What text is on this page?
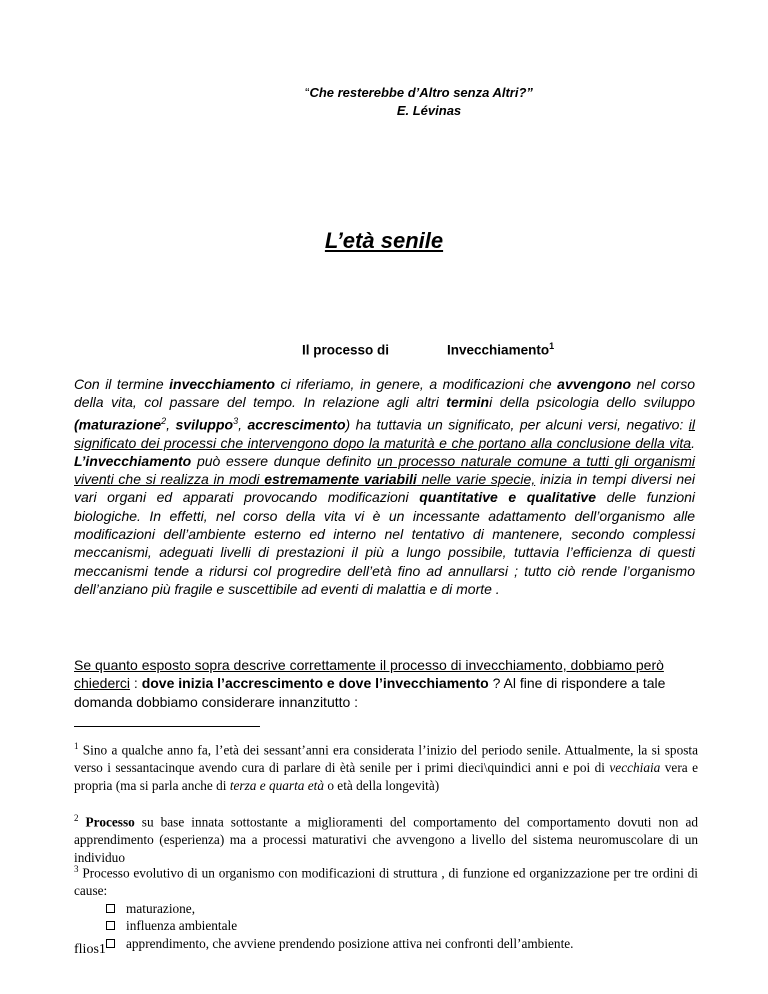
“Che resterebbe d’Altro senza Altri?”
E. Lévinas
L’età senile
Il processo di	Invecchiamento$^1$
Con il termine invecchiamento ci riferiamo, in genere, a modificazioni che avvengono nel corso della vita, col passare del tempo. In relazione agli altri termini della psicologia dello sviluppo (maturazione$^2$, sviluppo$^3$, accrescimento) ha tuttavia un significato, per alcuni versi, negativo: il significato dei processi che intervengono dopo la maturità e che portano alla conclusione della vita. L’invecchiamento può essere dunque definito un processo naturale comune a tutti gli organismi viventi che si realizza in modi estremamente variabili nelle varie specie, inizia in tempi diversi nei vari organi ed apparati provocando modificazioni quantitative e qualitative delle funzioni biologiche. In effetti, nel corso della vita vi è un incessante adattamento dell’organismo alle modificazioni dell’ambiente esterno ed interno nel tentativo di mantenere, secondo complessi meccanismi, adeguati livelli di prestazioni il più a lungo possibile, tuttavia l’efficienza di questi meccanismi tende a ridursi col progredire dell’età fino ad annullarsi ; tutto ciò rende l’organismo dell’anziano più fragile e suscettibile ad eventi di malattia e di morte .
Se quanto esposto sopra descrive correttamente il processo di invecchiamento, dobbiamo però chiederci : dove inizia l’accrescimento e dove l’invecchiamento ? Al fine di rispondere a tale domanda dobbiamo considerare innanzitutto :
$^1$ Sino a qualche anno fa, l’età dei sessant’anni era considerata l’inizio del periodo senile. Attualmente, la si sposta verso i sessantacinque avendo cura di parlare di ètà senile per i primi dieci\quindici anni e poi di vecchiaia vera e propria (ma si parla anche di terza e quarta età o età della longevità)
$^2$ Processo su base innata sottostante a miglioramenti del comportamento del comportamento dovuti non ad apprendimento (esperienza) ma a processi maturativi che avvengono a livello del sistema neuromuscolare di un individuo
$^3$ Processo evolutivo di un organismo con modificazioni di struttura , di funzione ed organizzazione per tre ordini di cause:
maturazione,
influenza ambientale
apprendimento, che avviene prendendo posizione attiva nei confronti dell’ambiente.
flios1
